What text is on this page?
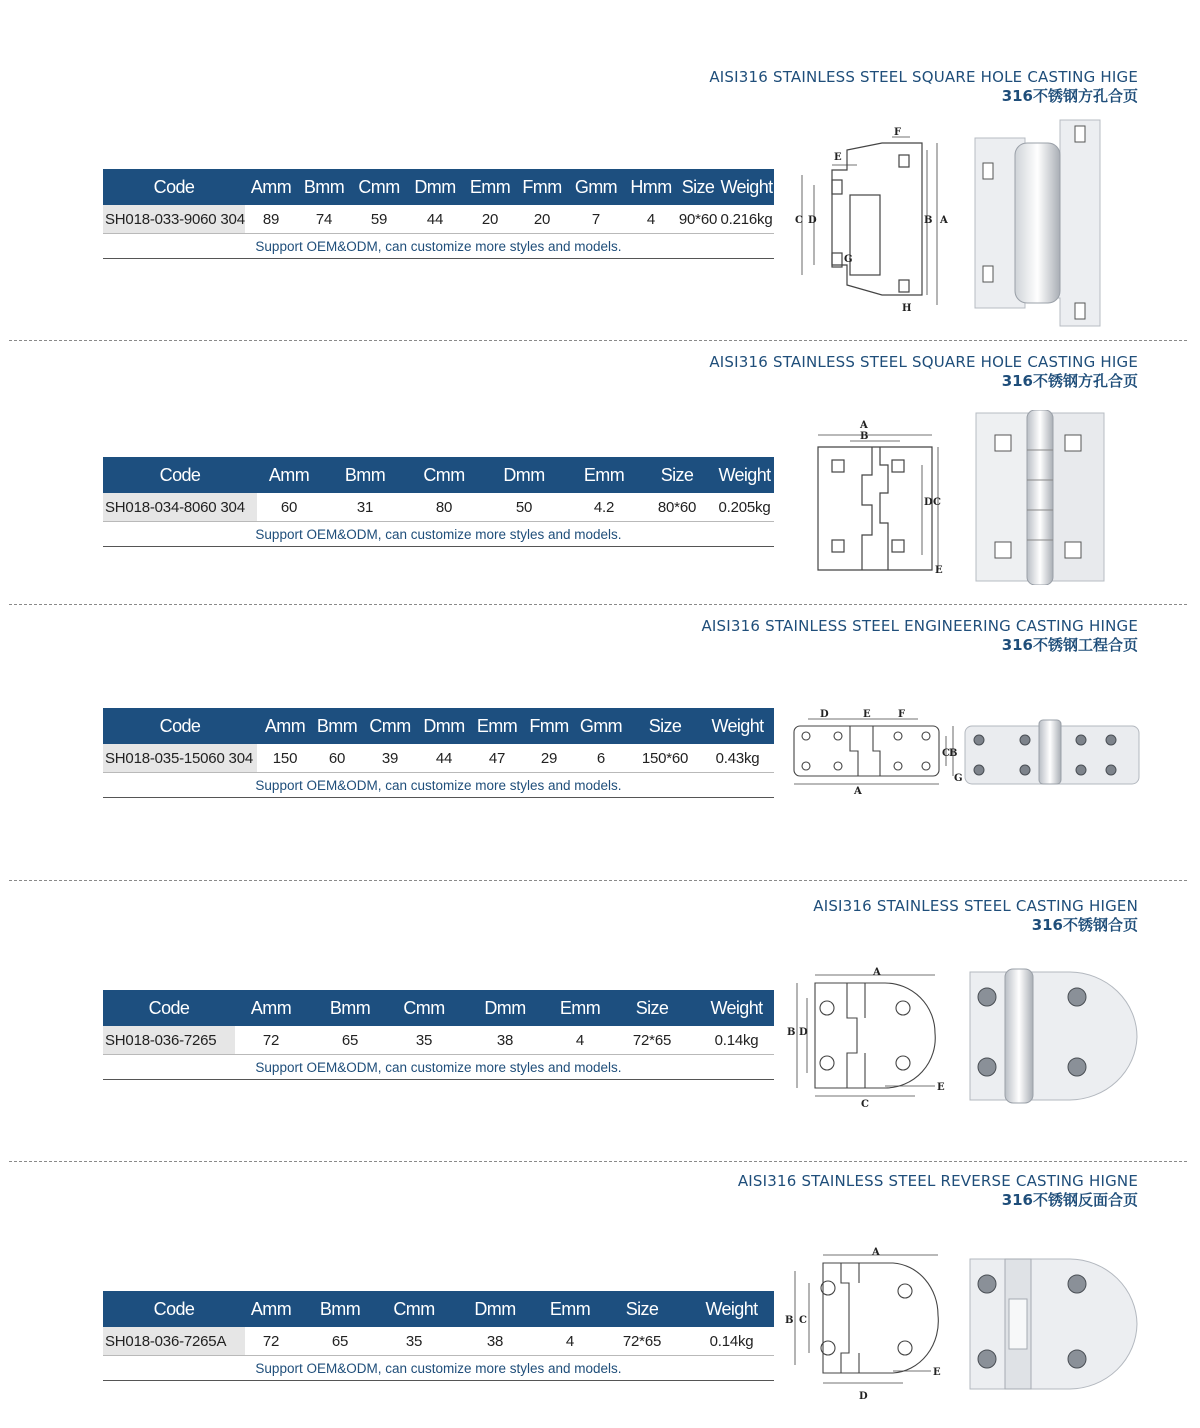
AISI316 STAINLESS STEEL SQUARE HOLE CASTING HIGE
316不锈钢方孔合页
Code	Amm	Bmm	Cmm	Dmm	Emm	Fmm	Gmm	Hmm	Size	Weight
SH018-033-9060 304	89	74	59	44	20	20	7	4	90*60	0.216kg
Support OEM&ODM, can customize more styles and models.										
E
F
C D	B A
G
H
AISI316 STAINLESS STEEL SQUARE HOLE CASTING HIGE
316不锈钢方孔合页
Code	Amm	Bmm	Cmm	Dmm	Emm	Size	Weight
SH018-034-8060 304	60	31	80	50	4.2	80*60	0.205kg
Support OEM&ODM, can customize more styles and models.							
A
B
D C
E
AISI316 STAINLESS STEEL ENGINEERING CASTING HINGE
316不锈钢工程合页
Code	Amm	Bmm	Cmm	Dmm	Emm	Fmm	Gmm	Size	Weight
SH018-035-15060 304	150	60	39	44	47	29	6	150*60	0.43kg
Support OEM&ODM, can customize more styles and models.									
D	E	F
C B
G
A
AISI316 STAINLESS STEEL CASTING HIGEN
316不锈钢合页
Code	Amm	Bmm	Cmm	Dmm	Emm	Size	Weight
SH018-036-7265	72	65	35	38	4	72*65	0.14kg
Support OEM&ODM, can customize more styles and models.							
A
B D
C
E
AISI316 STAINLESS STEEL REVERSE CASTING HIGNE
316不锈钢反面合页
Code	Amm	Bmm	Cmm	Dmm	Emm	Size	Weight
SH018-036-7265A	72	65	35	38	4	72*65	0.14kg
Support OEM&ODM, can customize more styles and models.							
A
B C
E
D
